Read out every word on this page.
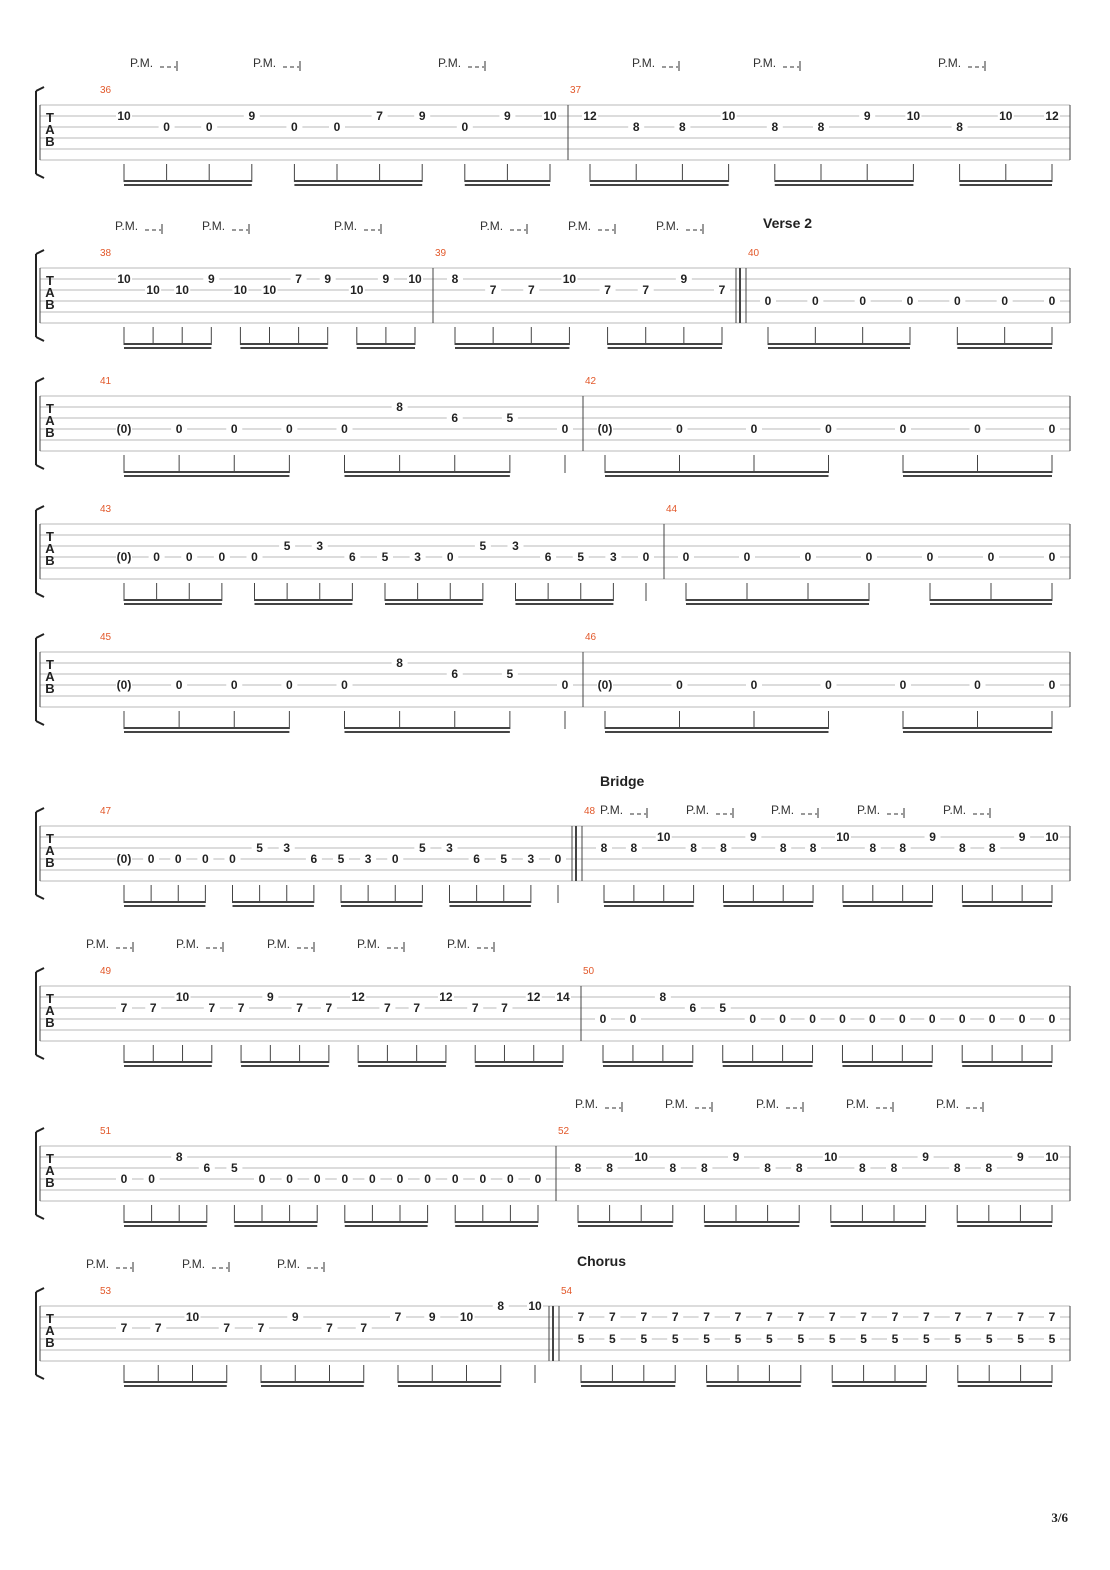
T
A
B
P.M.	P.M.	P.M.	P.M.	P.M.	P.M.
36
10
0	0
9
0	0
7	9
0
9	10
37
12
8	8
10
8	8
9	10
8
10	12
T
A
B
Verse 2
P.M.	P.M.	P.M.	P.M.	P.M.	P.M.
38
10
10 10
9
10 10
7 9
10
9 10
39
8
7	7
10
7	7
9
7
40
0	0	0	0	0	0	0
T
A
B
41
(0)	0	0	0	0
8
6	5
0
42
(0)	0	0	0	0	0	0
T
A
B
43
(0) 0 0 0 0
5 3
6 5 3 0
5 3
6 5 3 0
44
0	0	0	0	0	0	0
T
A
B
45
(0)	0	0	0	0
8
6	5
0
46
(0)	0	0	0	0	0	0
T
A
B
Bridge
P.M.	P.M.	P.M.	P.M.	P.M.
47
(0) 0 0 0 0
5 3
6 5 3 0
5 3
6 5 3 0
48
8 8
10
8 8
9
8 8
10
8 8
9
8 8
9 10
T
A
B
P.M.	P.M.	P.M.	P.M.	P.M.
49
7 7
10
7 7
9
7 7
12
7 7
12
7 7
12 14
50
0 0
8
6 5
0 0 0 0 0 0 0 0 0 0 0
T
A
B
P.M.	P.M.	P.M.	P.M.	P.M.
51
0 0
8
6 5
0 0 0 0 0 0 0 0 0 0 0
52
8 8
10
8 8
9
8 8
10
8 8
9
8 8
9 10
T
A
B
Chorus
P.M.	P.M.	P.M.
53
7 7
10
7 7
9
7 7
7 9 10
8 10
54
7
5
7
5
7
5
7
5
7
5
7
5
7
5
7
5
7
5
7
5
7
5
7
5
7
5
7
5
7
5
7
5
3/6
